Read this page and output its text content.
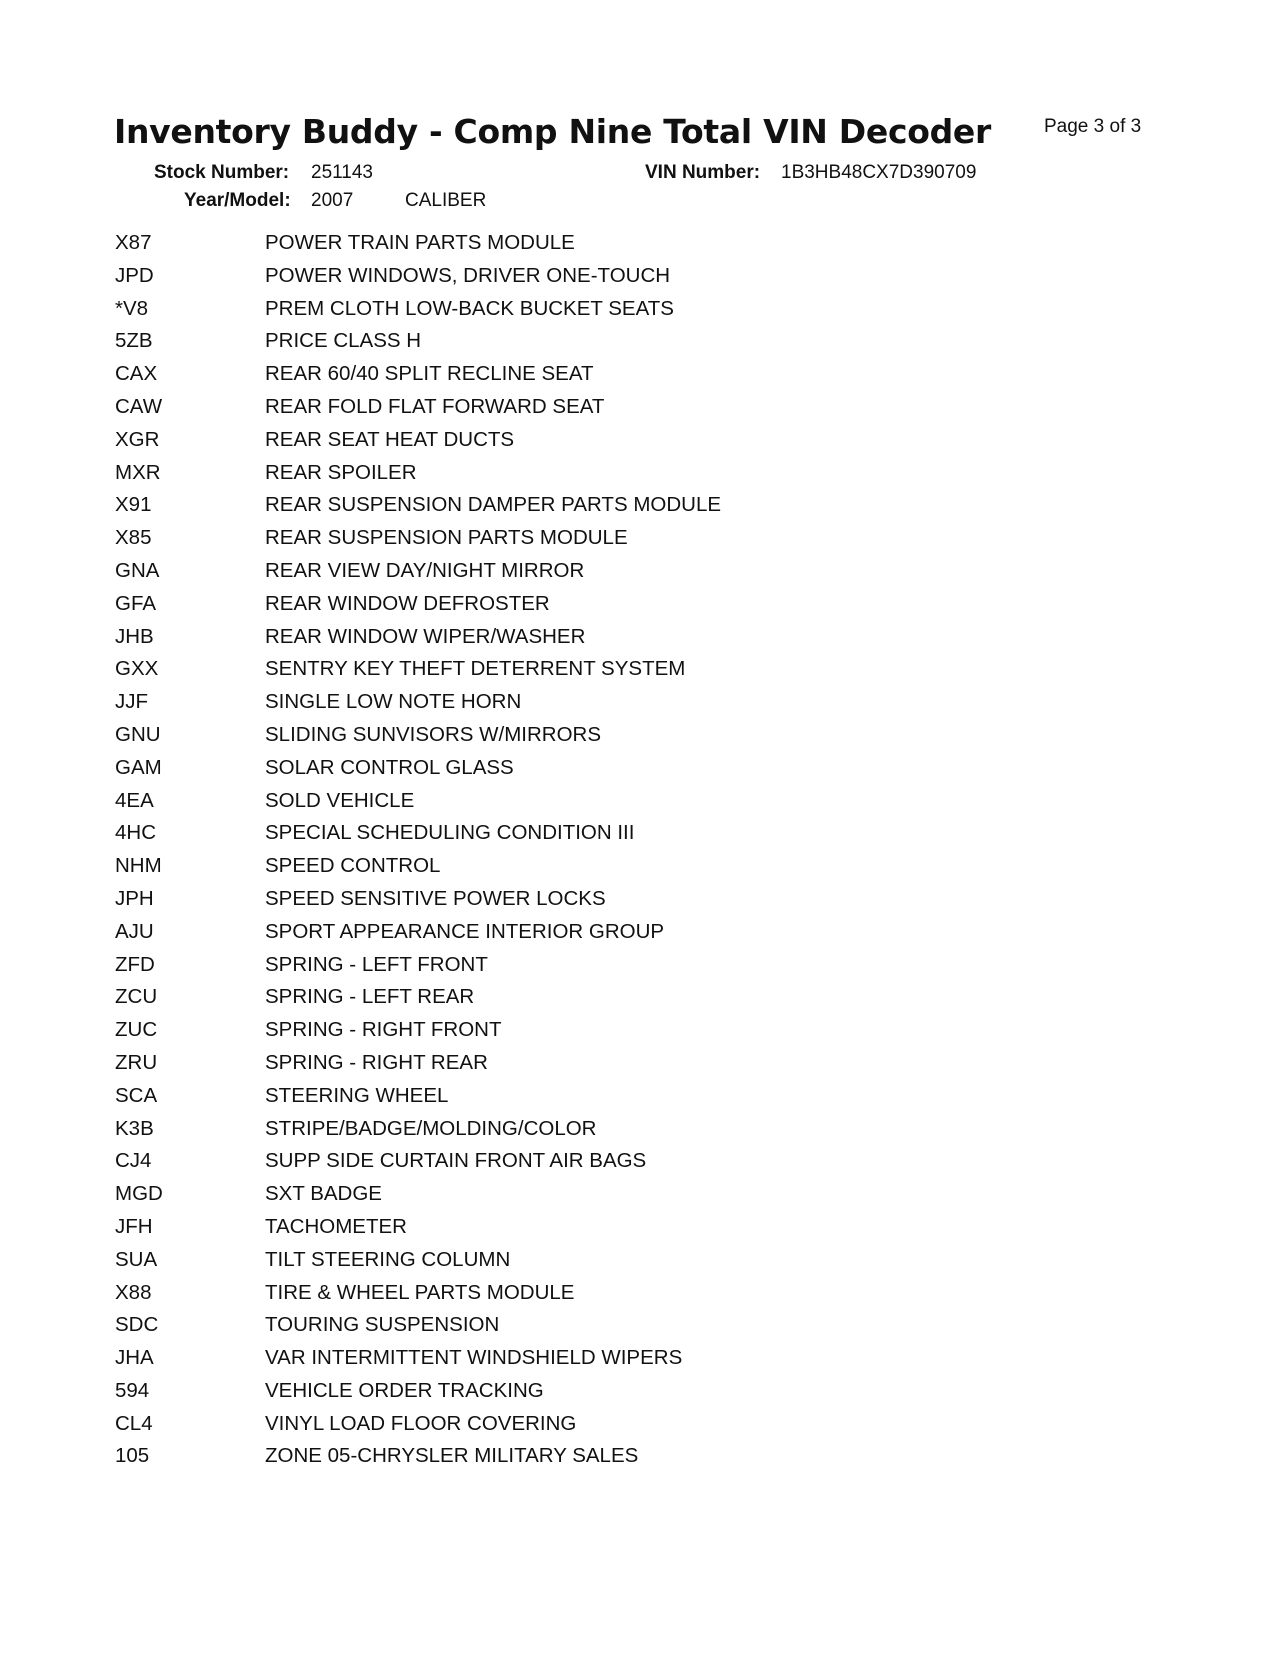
Inventory Buddy - Comp Nine Total VIN Decoder	Page 3 of 3
Stock Number: 251143	VIN Number: 1B3HB48CX7D390709
Year/Model: 2007	CALIBER
X87	POWER TRAIN PARTS MODULE
JPD	POWER WINDOWS, DRIVER ONE-TOUCH
*V8	PREM CLOTH LOW-BACK BUCKET SEATS
5ZB	PRICE CLASS H
CAX	REAR 60/40 SPLIT RECLINE SEAT
CAW	REAR FOLD FLAT FORWARD SEAT
XGR	REAR SEAT HEAT DUCTS
MXR	REAR SPOILER
X91	REAR SUSPENSION DAMPER PARTS MODULE
X85	REAR SUSPENSION PARTS MODULE
GNA	REAR VIEW DAY/NIGHT MIRROR
GFA	REAR WINDOW DEFROSTER
JHB	REAR WINDOW WIPER/WASHER
GXX	SENTRY KEY THEFT DETERRENT SYSTEM
JJF	SINGLE LOW NOTE HORN
GNU	SLIDING SUNVISORS W/MIRRORS
GAM	SOLAR CONTROL GLASS
4EA	SOLD VEHICLE
4HC	SPECIAL SCHEDULING CONDITION III
NHM	SPEED CONTROL
JPH	SPEED SENSITIVE POWER LOCKS
AJU	SPORT APPEARANCE INTERIOR GROUP
ZFD	SPRING - LEFT FRONT
ZCU	SPRING - LEFT REAR
ZUC	SPRING - RIGHT FRONT
ZRU	SPRING - RIGHT REAR
SCA	STEERING WHEEL
K3B	STRIPE/BADGE/MOLDING/COLOR
CJ4	SUPP SIDE CURTAIN FRONT AIR BAGS
MGD	SXT BADGE
JFH	TACHOMETER
SUA	TILT STEERING COLUMN
X88	TIRE & WHEEL PARTS MODULE
SDC	TOURING SUSPENSION
JHA	VAR INTERMITTENT WINDSHIELD WIPERS
594	VEHICLE ORDER TRACKING
CL4	VINYL LOAD FLOOR COVERING
105	ZONE 05-CHRYSLER MILITARY SALES
